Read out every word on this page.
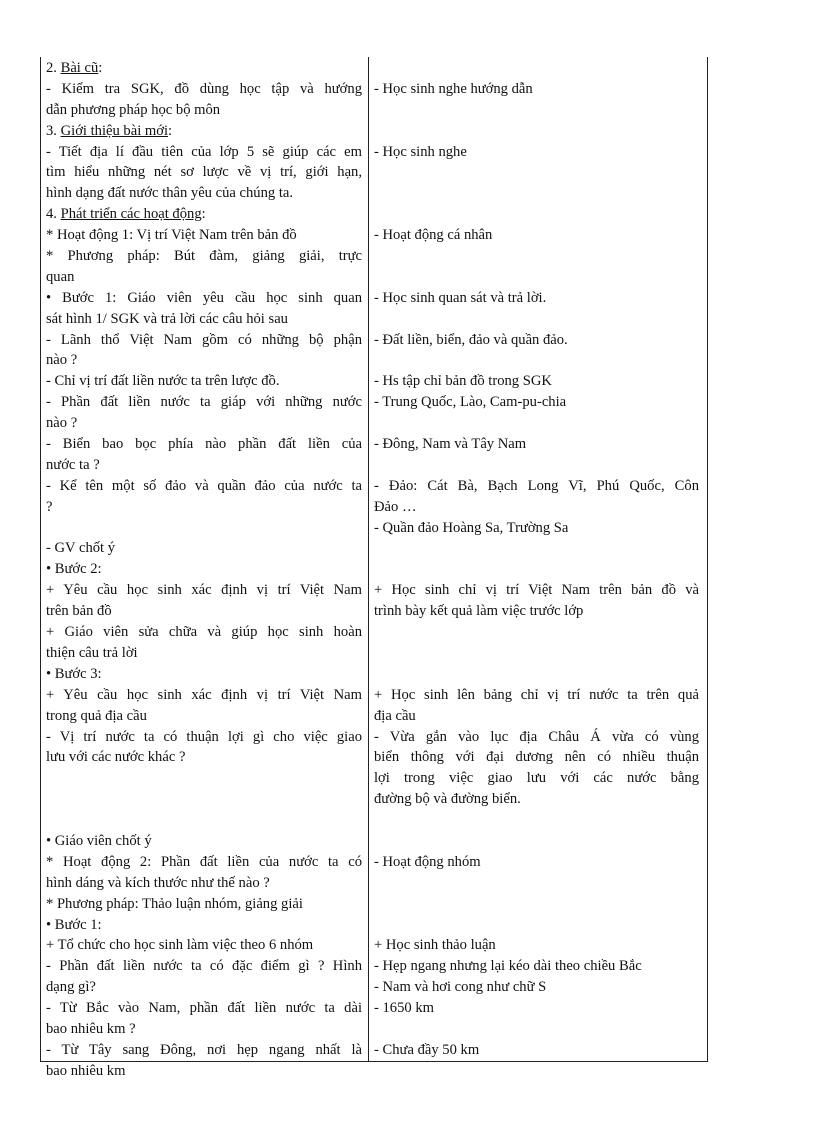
2. Bài cũ:
- Kiểm tra SGK, đồ dùng học tập và hướng
dẫn phương pháp học bộ môn
3. Giới thiệu bài mới:
- Tiết địa lí đầu tiên của lớp 5 sẽ giúp các em
tìm hiểu những nét sơ lược về vị trí, giới hạn,
hình dạng đất nước thân yêu của chúng ta.
4. Phát triển các hoạt động:
* Hoạt động 1: Vị trí Việt Nam trên bản đồ
* Phương pháp: Bút đàm, giảng giải, trực
quan
• Bước 1: Giáo viên yêu cầu học sinh quan
sát hình 1/ SGK và trả lời các câu hỏi sau
- Lãnh thổ Việt Nam gồm có những bộ phận
nào ?
- Chỉ vị trí đất liền nước ta trên lược đồ.
- Phần đất liền nước ta giáp với những nước
nào ?
- Biển bao bọc phía nào phần đất liền của
nước ta ?
- Kể tên một số đảo và quần đảo của nước ta
?
- GV chốt ý
• Bước 2:
+ Yêu cầu học sinh xác định vị trí Việt Nam
trên bản đồ
+ Giáo viên sửa chữa và giúp học sinh hoàn
thiện câu trả lời
• Bước 3:
+ Yêu cầu học sinh xác định vị trí Việt Nam
trong quả địa cầu
- Vị trí nước ta có thuận lợi gì cho việc giao
lưu với các nước khác ?
• Giáo viên chốt ý
* Hoạt động 2: Phần đất liền của nước ta có
hình dáng và kích thước như thế nào ?
* Phương pháp: Thảo luận nhóm, giảng giải
• Bước 1:
+ Tổ chức cho học sinh làm việc theo 6 nhóm
- Phần đất liền nước ta có đặc điểm gì ? Hình
dạng gì?
- Từ Bắc vào Nam, phần đất liền nước ta dài
bao nhiêu km ?
- Từ Tây sang Đông, nơi hẹp ngang nhất là
bao nhiêu km
- Học sinh nghe hướng dẫn
- Học sinh nghe
- Hoạt động cá nhân
- Học sinh quan sát và trả lời.
- Đất liền, biển, đảo và quần đảo.
- Hs tập chỉ bản đồ trong SGK
- Trung Quốc, Lào, Cam-pu-chia
- Đông, Nam và Tây Nam
- Đảo: Cát Bà, Bạch Long Vĩ, Phú Quốc, Côn
Đảo …
- Quần đảo Hoàng Sa, Trường Sa
+ Học sinh chỉ vị trí Việt Nam trên bản đồ và
trình bày kết quả làm việc trước lớp
+ Học sinh lên bảng chỉ vị trí nước ta trên quả
địa cầu
- Vừa gắn vào lục địa Châu Á vừa có vùng
biển thông với đại dương nên có nhiều thuận
lợi trong việc giao lưu với các nước bằng
đường bộ và đường biển.
- Hoạt động nhóm
+ Học sinh thảo luận
- Hẹp ngang nhưng lại kéo dài theo chiều Bắc
- Nam và hơi cong như chữ S
- 1650 km
- Chưa đầy 50 km
